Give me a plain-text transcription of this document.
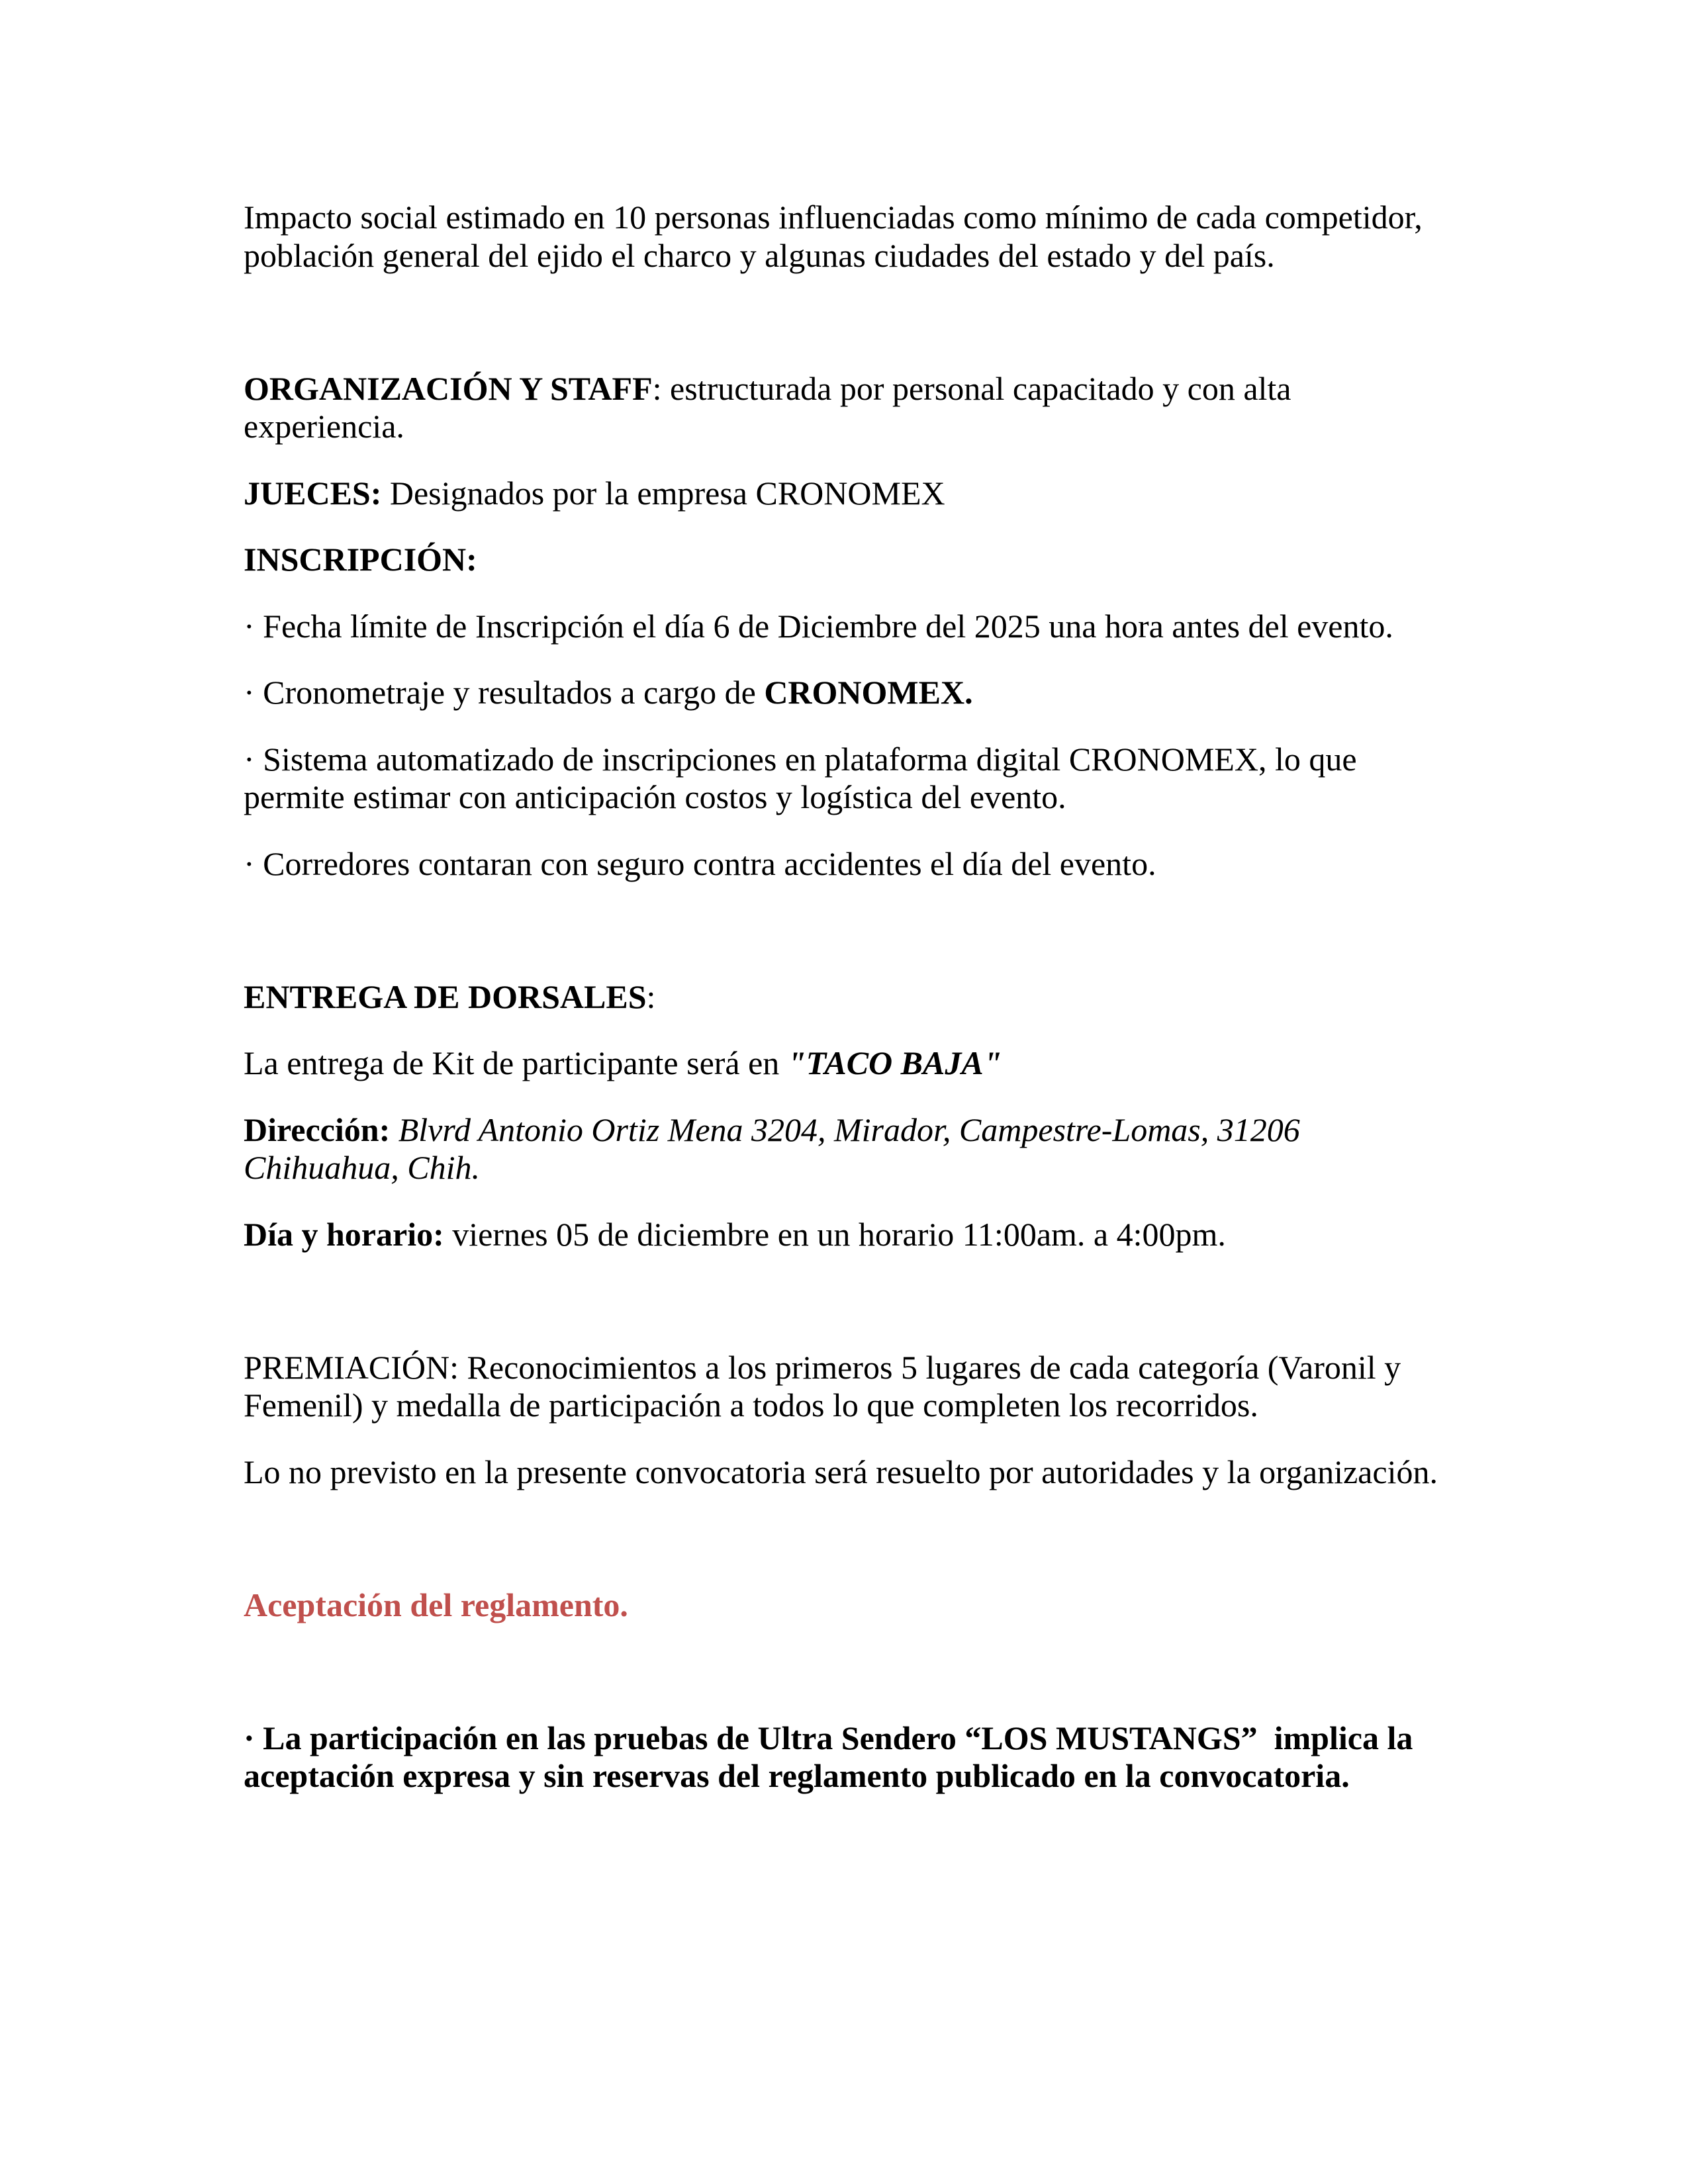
Impacto social estimado en 10 personas influenciadas como mínimo de cada competidor, población general del ejido el charco y algunas ciudades del estado y del país.

ORGANIZACIÓN Y STAFF: estructurada por personal capacitado y con alta experiencia.

JUECES: Designados por la empresa CRONOMEX

INSCRIPCIÓN:

· Fecha límite de Inscripción el día 6 de Diciembre del 2025 una hora antes del evento.

· Cronometraje y resultados a cargo de CRONOMEX.

· Sistema automatizado de inscripciones en plataforma digital CRONOMEX, lo que permite estimar con anticipación costos y logística del evento.

· Corredores contaran con seguro contra accidentes el día del evento.

ENTREGA DE DORSALES:

La entrega de Kit de participante será en "TACO BAJA"

Dirección: Blvrd Antonio Ortiz Mena 3204, Mirador, Campestre-Lomas, 31206 Chihuahua, Chih.

Día y horario: viernes 05 de diciembre en un horario 11:00am. a 4:00pm.

PREMIACIÓN: Reconocimientos a los primeros 5 lugares de cada categoría (Varonil y Femenil) y medalla de participación a todos lo que completen los recorridos.

Lo no previsto en la presente convocatoria será resuelto por autoridades y la organización.

Aceptación del reglamento.

· La participación en las pruebas de Ultra Sendero “LOS MUSTANGS”  implica la aceptación expresa y sin reservas del reglamento publicado en la convocatoria.
